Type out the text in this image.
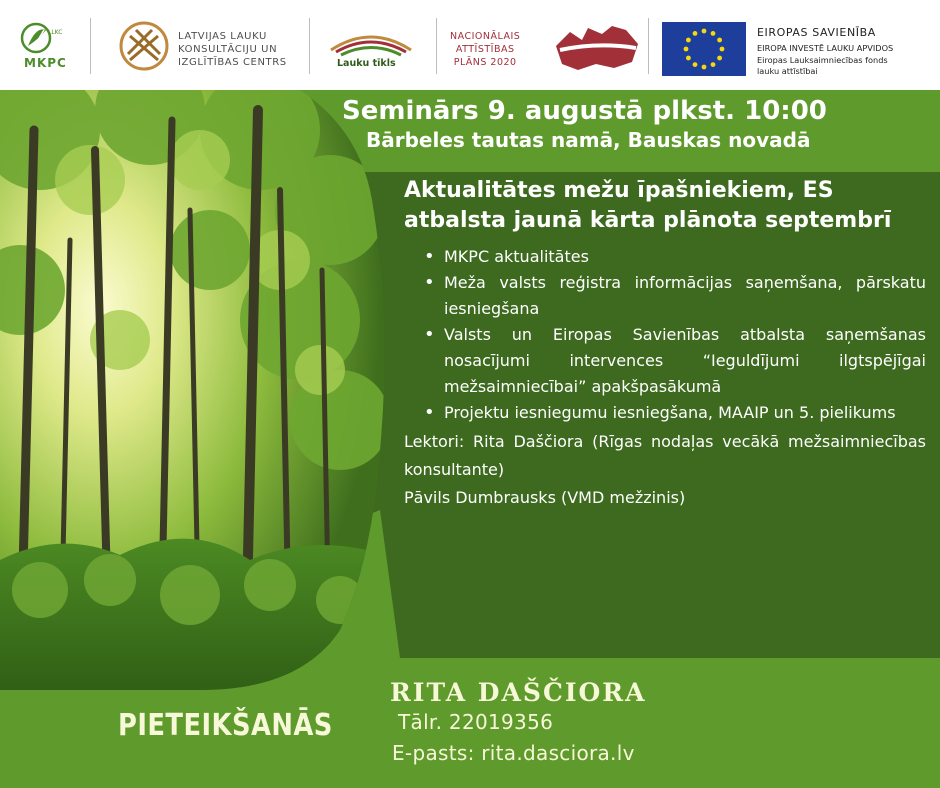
LLKC
MKPC
LATVIJAS LAUKU
KONSULTĀCIJU UN
IZGLĪTĪBAS CENTRS	Lauku tīkls
NACIONĀLAIS
ATTĪSTĪBAS
PLĀNS 2020
EIROPAS SAVIENĪBA
EIROPA INVESTĒ LAUKU APVIDOS
Eiropas Lauksaimniecības fonds
lauku attīstībai
Seminārs 9. augustā plkst. 10:00
Bārbeles tautas namā, Bauskas novadā
Aktualitātes mežu īpašniekiem, ES atbalsta jaunā kārta plānota septembrī
• MKPC aktualitātes
• Meža valsts reģistra informācijas saņemšana, pārskatu iesniegšana
• Valsts un Eiropas Savienības atbalsta saņemšanas nosacījumi intervences “Ieguldījumi ilgtspējīgai mežsaimniecībai” apakšpasākumā
• Projektu iesniegumu iesniegšana, MAAIP un 5. pielikums
Lektori: Rita Daščiora (Rīgas nodaļas vecākā mežsaimniecības konsultante)
Pāvils Dumbrausks (VMD mežzinis)
PIETEIKŠANĀS
RITA DAŠČIORA
Tālr. 22019356
E-pasts: rita.dasciora.lv
